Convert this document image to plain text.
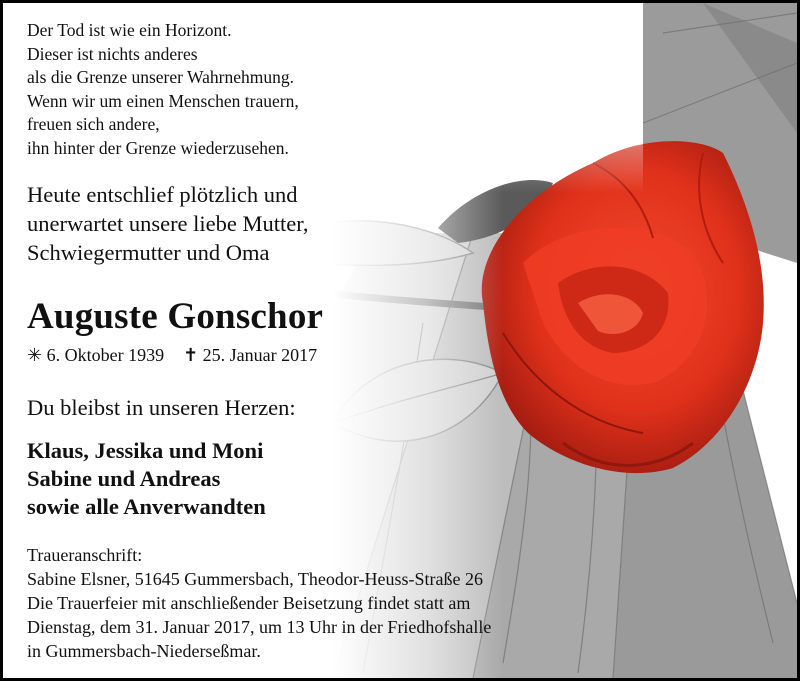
Der Tod ist wie ein Horizont.
Dieser ist nichts anderes
als die Grenze unserer Wahrnehmung.
Wenn wir um einen Menschen trauern,
freuen sich andere,
ihn hinter der Grenze wiederzusehen.
Heute entschlief plötzlich und
unerwartet unsere liebe Mutter,
Schwiegermutter und Oma
Auguste Gonschor
✳ 6. Oktober 1939 ✝ 25. Januar 2017
Du bleibst in unseren Herzen:
Klaus, Jessika und Moni
Sabine und Andreas
sowie alle Anverwandten
Traueranschrift:
Sabine Elsner, 51645 Gummersbach, Theodor-Heuss-Straße 26
Die Trauerfeier mit anschließender Beisetzung findet statt am
Dienstag, dem 31. Januar 2017, um 13 Uhr in der Friedhofshalle
in Gummersbach-Niederseßmar.
